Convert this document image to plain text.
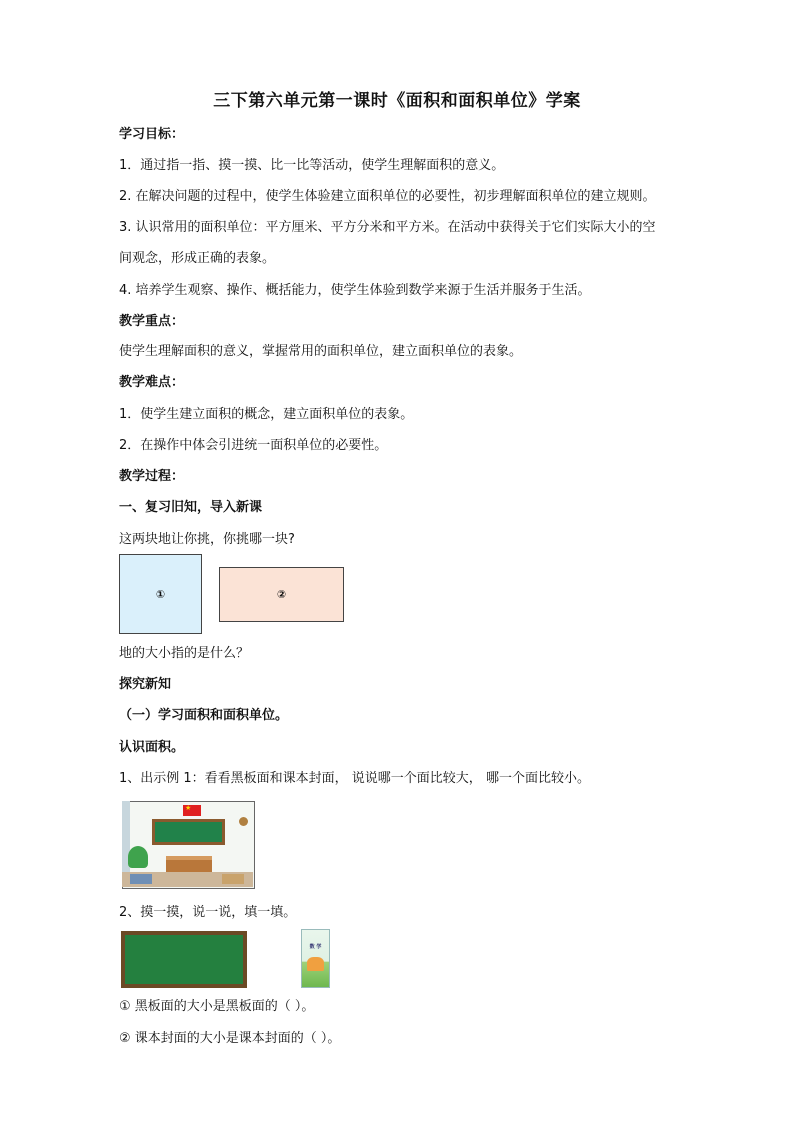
三下第六单元第一课时《面积和面积单位》学案
学习目标：
1．通过指一指、摸一摸、比一比等活动，使学生理解面积的意义。
2. 在解决问题的过程中，使学生体验建立面积单位的必要性，初步理解面积单位的建立规则。
3. 认识常用的面积单位：平方厘米、平方分米和平方米。在活动中获得关于它们实际大小的空
间观念，形成正确的表象。
4. 培养学生观察、操作、概括能力，使学生体验到数学来源于生活并服务于生活。
教学重点：
使学生理解面积的意义，掌握常用的面积单位，建立面积单位的表象。
教学难点：
1．使学生建立面积的概念，建立面积单位的表象。
2．在操作中体会引进统一面积单位的必要性。
教学过程：
一、复习旧知，导入新课
这两块地让你挑，你挑哪一块?
①	②
地的大小指的是什么？
探究新知
（一）学习面积和面积单位。
认识面积。
1、出示例 1：看看黑板面和课本封面， 说说哪一个面比较大， 哪一个面比较小。
★
2、摸一摸，说一说，填一填。
数 学
① 黑板面的大小是黑板面的（ ）。
② 课本封面的大小是课本封面的（ ）。
